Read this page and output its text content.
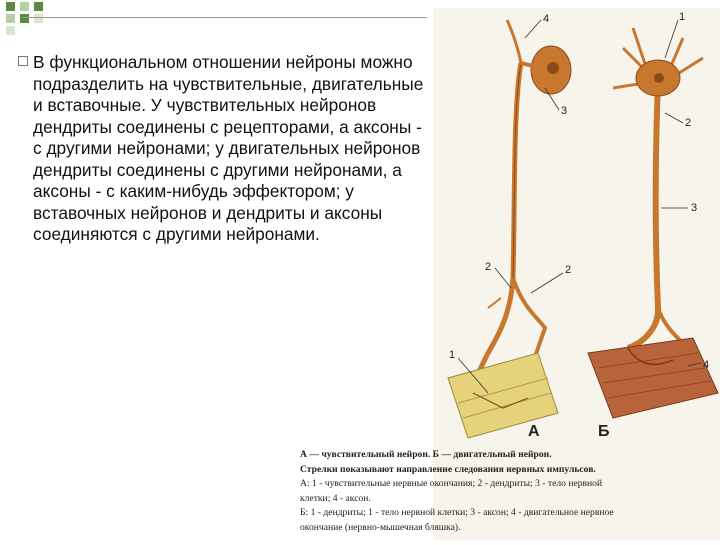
В функциональном отношении нейроны можно подразделить на чувствительные, двигательные и вставочные. У чувствительных нейронов дендриты соединены с рецепторами, а аксоны - с другими нейронами; у двигательных нейронов дендриты соединены с другими нейронами, а аксоны - с каким-нибудь эффектором; у вставочных нейронов и дендриты и аксоны соединяются с другими нейронами.
4
3
2	2
1
1
2
3
4
А	Б
А — чувствительный нейрон. Б — двигательный нейрон.
Стрелки показывают направление следования нервных импульсов.
А: 1 - чувствительные нервные окончания; 2 - дендриты; 3 - тело нервной
клетки; 4 - аксон.
Б: 1 - дендриты; 1 - тело нервной клетки; 3 - аксон; 4 - двигательное нервное
окончание (нервно-мышечная бляшка).
